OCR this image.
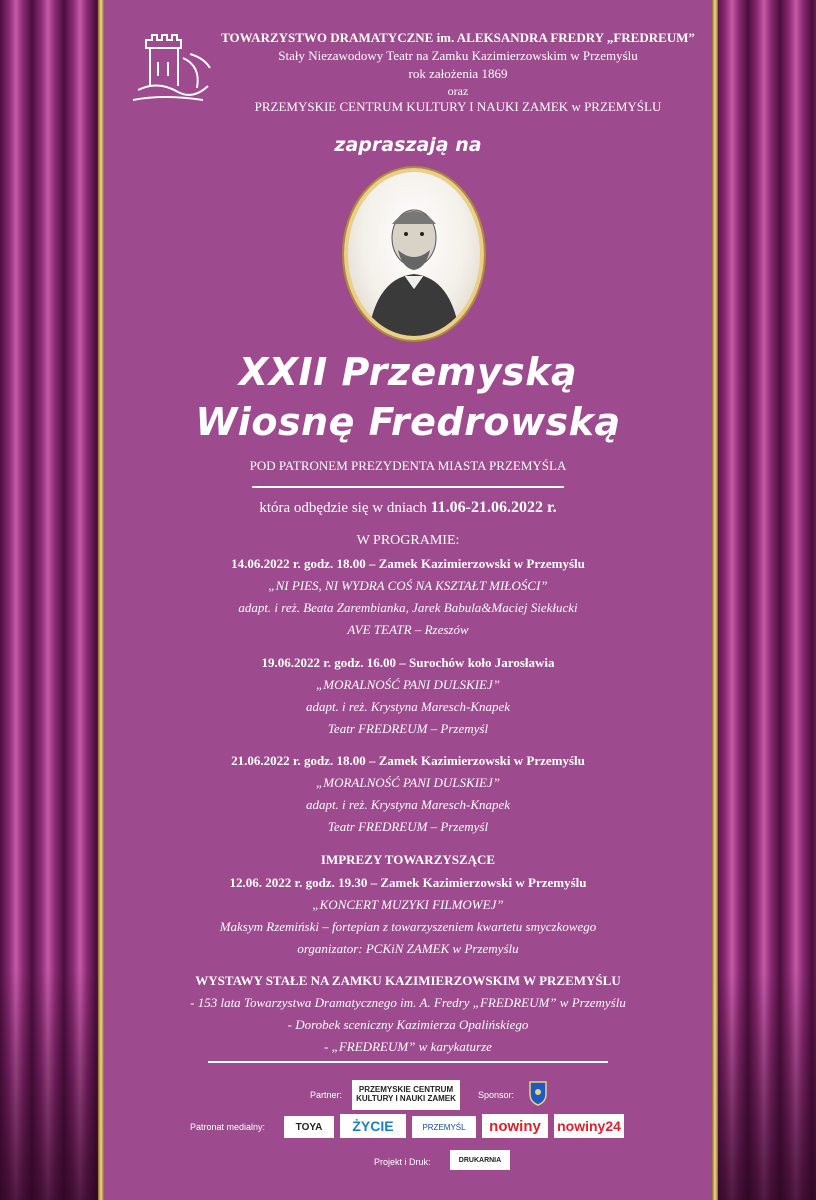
TOWARZYSTWO DRAMATYCZNE im. ALEKSANDRA FREDRY „FREDREUM”
Stały Niezawodowy Teatr na Zamku Kazimierzowskim w Przemyślu
rok założenia 1869
oraz
PRZEMYSKIE CENTRUM KULTURY I NAUKI ZAMEK w PRZEMYŚLU
zapraszają na
XXII Przemyską
Wiosnę Fredrowską
POD PATRONEM PREZYDENTA MIASTA PRZEMYŚLA
która odbędzie się w dniach 11.06-21.06.2022 r.
W PROGRAMIE:
14.06.2022 r. godz. 18.00 – Zamek Kazimierzowski w Przemyślu
„NI PIES, NI WYDRA COŚ NA KSZTAŁT MIŁOŚCI”
adapt. i reż. Beata Zarembianka, Jarek Babula&Maciej Siekłucki
AVE TEATR – Rzeszów
19.06.2022 r. godz. 16.00 – Surochów koło Jarosławia
„MORALNOŚĆ PANI DULSKIEJ”
adapt. i reż. Krystyna Maresch-Knapek
Teatr FREDREUM – Przemyśl
21.06.2022 r. godz. 18.00 – Zamek Kazimierzowski w Przemyślu
„MORALNOŚĆ PANI DULSKIEJ”
adapt. i reż. Krystyna Maresch-Knapek
Teatr FREDREUM – Przemyśl
IMPREZY TOWARZYSZĄCE
12.06. 2022 r. godz. 19.30 – Zamek Kazimierzowski w Przemyślu
„KONCERT MUZYKI FILMOWEJ”
Maksym Rzemiński – fortepian z towarzyszeniem kwartetu smyczkowego
organizator: PCKiN ZAMEK w Przemyślu
WYSTAWY STAŁE NA ZAMKU KAZIMIERZOWSKIM W PRZEMYŚLU
- 153 lata Towarzystwa Dramatycznego im. A. Fredry „FREDREUM” w Przemyślu
- Dorobek sceniczny Kazimierza Opalińskiego
- „FREDREUM” w karykaturze
Partner:
PRZEMYSKIE CENTRUM KULTURY I NAUKI ZAMEK	Sponsor:
Patronat medialny:	TOYA	ŻYCIE	PRZEMYŚL	nowiny	nowiny24
Projekt i Druk:	DRUKARNIA
